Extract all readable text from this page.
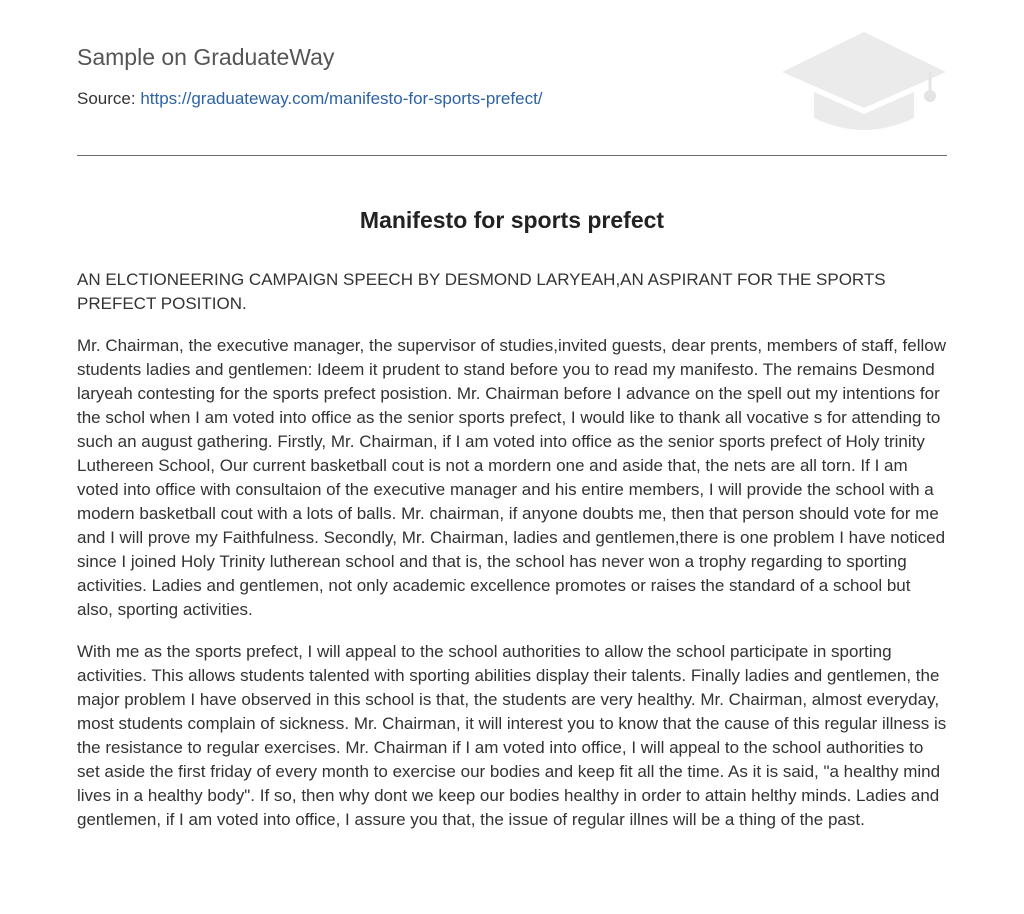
Sample on GraduateWay
Source: https://graduateway.com/manifesto-for-sports-prefect/
Manifesto for sports prefect

AN ELCTIONEERING CAMPAIGN SPEECH BY DESMOND LARYEAH,AN ASPIRANT FOR THE SPORTS PREFECT POSITION.

Mr. Chairman, the executive manager, the supervisor of studies,invited guests, dear prents, members of staff, fellow students ladies and gentlemen: Ideem it prudent to stand before you to read my manifesto. The remains Desmond laryeah contesting for the sports prefect posistion. Mr. Chairman before I advance on the spell out my intentions for the schol when I am voted into office as the senior sports prefect, I would like to thank all vocative s for attending to such an august gathering. Firstly, Mr. Chairman, if I am voted into office as the senior sports prefect of Holy trinity Luthereen School, Our current basketball cout is not a mordern one and aside that, the nets are all torn. If I am voted into office with consultaion of the executive manager and his entire members, I will provide the school with a modern basketball cout with a lots of balls. Mr. chairman, if anyone doubts me, then that person should vote for me and I will prove my Faithfulness. Secondly, Mr. Chairman, ladies and gentlemen,there is one problem I have noticed since I joined Holy Trinity lutherean school and that is, the school has never won a trophy regarding to sporting activities. Ladies and gentlemen, not only academic excellence promotes or raises the standard of a school but also, sporting activities.

With me as the sports prefect, I will appeal to the school authorities to allow the school participate in sporting activities. This allows students talented with sporting abilities display their talents. Finally ladies and gentlemen, the major problem I have observed in this school is that, the students are very healthy. Mr. Chairman, almost everyday, most students complain of sickness. Mr. Chairman, it will interest you to know that the cause of this regular illness is the resistance to regular exercises. Mr. Chairman if I am voted into office, I will appeal to the school authorities to set aside the first friday of every month to exercise our bodies and keep fit all the time. As it is said, "a healthy mind lives in a healthy body". If so, then why dont we keep our bodies healthy in order to attain helthy minds. Ladies and gentlemen, if I am voted into office, I assure you that, the issue of regular illnes will be a thing of the past.
